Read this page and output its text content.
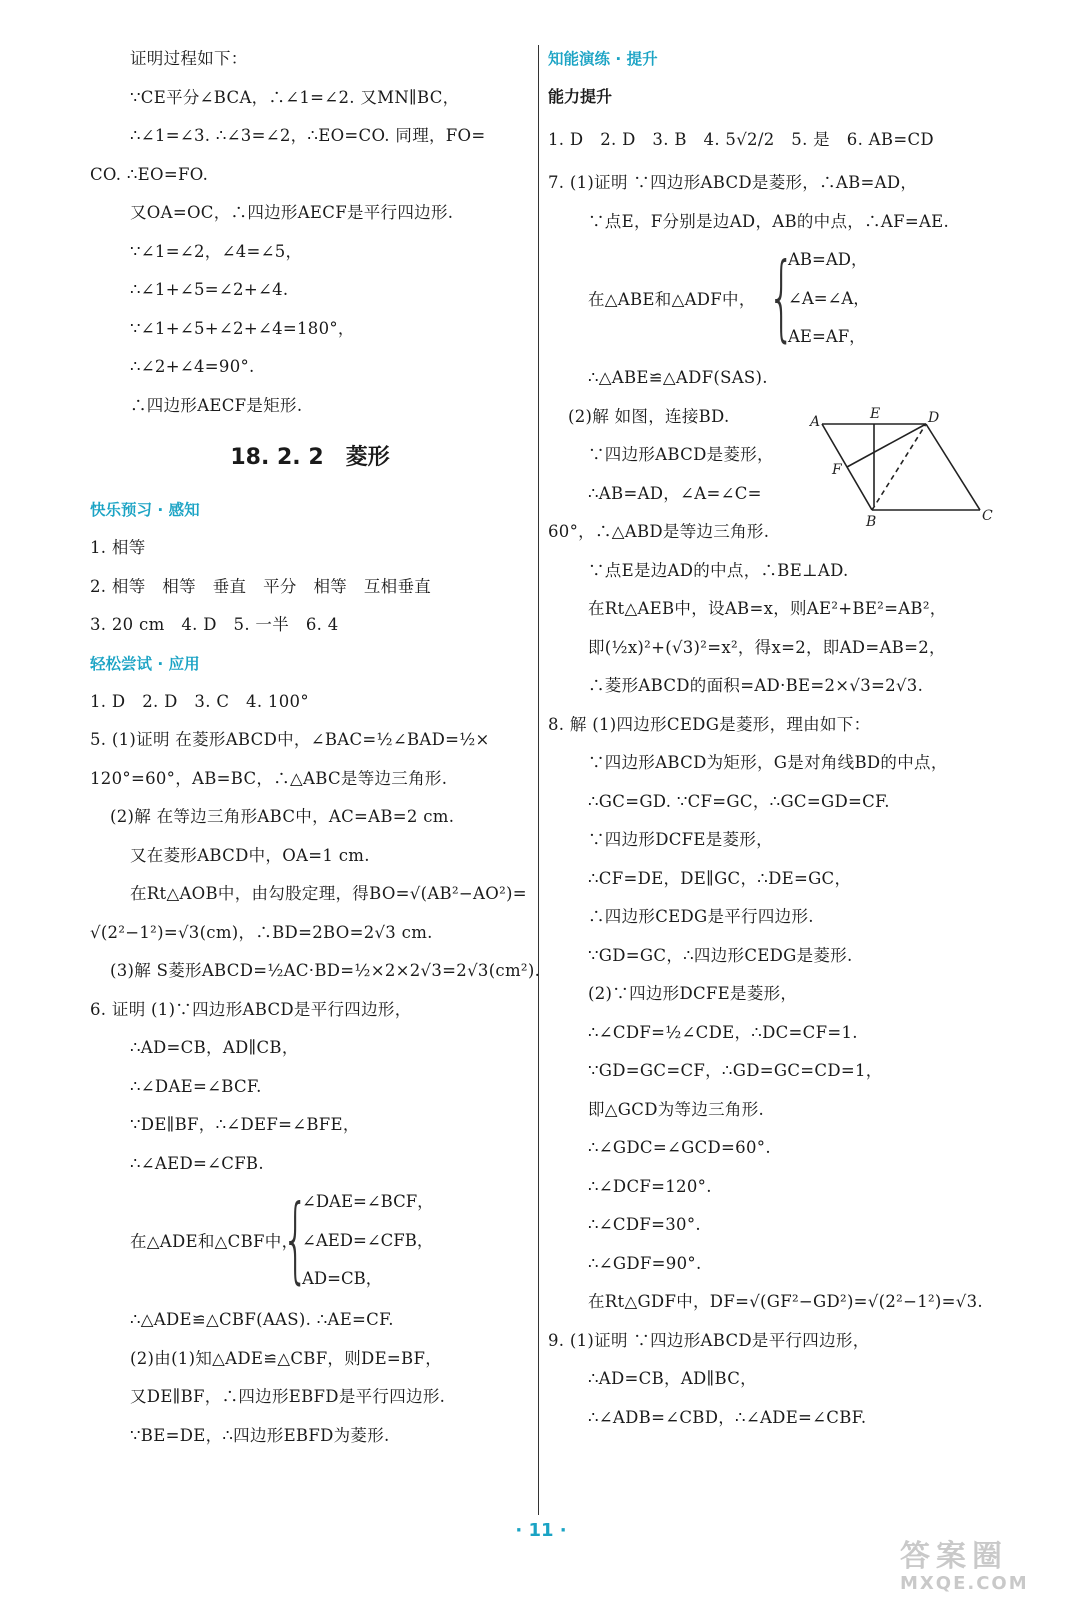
证明过程如下：
∵CE平分∠BCA，∴∠1=∠2. 又MN∥BC，
∴∠1=∠3. ∴∠3=∠2，∴EO=CO. 同理，FO=
CO. ∴EO=FO.
又OA=OC，∴四边形AECF是平行四边形.
∵∠1=∠2，∠4=∠5，
∴∠1+∠5=∠2+∠4.
∵∠1+∠5+∠2+∠4=180°，
∴∠2+∠4=90°.
∴四边形AECF是矩形.
18. 2. 2　菱形
快乐预习 · 感知
1. 相等
2. 相等　相等　垂直　平分　相等　互相垂直
3. 20 cm　4. D　5. 一半　6. 4
轻松尝试 · 应用
1. D　2. D　3. C　4. 100°
5. (1)证明 在菱形ABCD中，∠BAC=½∠BAD=½×
120°=60°，AB=BC，∴△ABC是等边三角形.
(2)解 在等边三角形ABC中，AC=AB=2 cm.
又在菱形ABCD中，OA=1 cm.
在Rt△AOB中，由勾股定理，得BO=√(AB²−AO²)=
√(2²−1²)=√3(cm)，∴BD=2BO=2√3 cm.
(3)解 S菱形ABCD=½AC·BD=½×2×2√3=2√3(cm²).
6. 证明 (1)∵四边形ABCD是平行四边形，
∴AD=CB，AD∥CB，
∴∠DAE=∠BCF.
∵DE∥BF，∴∠DEF=∠BFE，
∴∠AED=∠CFB.
在△ADE和△CBF中，
{
∠DAE=∠BCF，
∠AED=∠CFB，
AD=CB，
∴△ADE≌△CBF(AAS). ∴AE=CF.
(2)由(1)知△ADE≌△CBF，则DE=BF，
又DE∥BF，∴四边形EBFD是平行四边形.
∵BE=DE，∴四边形EBFD为菱形.
知能演练 · 提升
能力提升
1. D　2. D　3. B　4. 5√2/2　5. 是　6. AB=CD
7. (1)证明 ∵四边形ABCD是菱形，∴AB=AD，
∵点E，F分别是边AD，AB的中点，∴AF=AE.
在△ABE和△ADF中， {
AB=AD，
∠A=∠A，
AE=AF，
∴△ABE≌△ADF(SAS).
(2)解 如图，连接BD.
∵四边形ABCD是菱形，
∴AB=AD，∠A=∠C=
60°，∴△ABD是等边三角形.
∵点E是边AD的中点，∴BE⊥AD.
在Rt△AEB中，设AB=x，则AE²+BE²=AB²，
即(½x)²+(√3)²=x²，得x=2，即AD=AB=2，
∴菱形ABCD的面积=AD·BE=2×√3=2√3.
8. 解 (1)四边形CEDG是菱形，理由如下：
∵四边形ABCD为矩形，G是对角线BD的中点，
∴GC=GD. ∵CF=GC，∴GC=GD=CF.
∵四边形DCFE是菱形，
∴CF=DE，DE∥GC，∴DE=GC，
∴四边形CEDG是平行四边形.
∵GD=GC，∴四边形CEDG是菱形.
(2)∵四边形DCFE是菱形，
∴∠CDF=½∠CDE，∴DC=CF=1.
∵GD=GC=CF，∴GD=GC=CD=1，
即△GCD为等边三角形.
∴∠GDC=∠GCD=60°.
∴∠DCF=120°.
∴∠CDF=30°.
∴∠GDF=90°.
在Rt△GDF中，DF=√(GF²−GD²)=√(2²−1²)=√3.
9. (1)证明 ∵四边形ABCD是平行四边形，
∴AD=CB，AD∥BC，
∴∠ADB=∠CBD，∴∠ADE=∠CBF.
A	E	D
F
B	C
· 11 ·
答案圈
MXQE.COM
